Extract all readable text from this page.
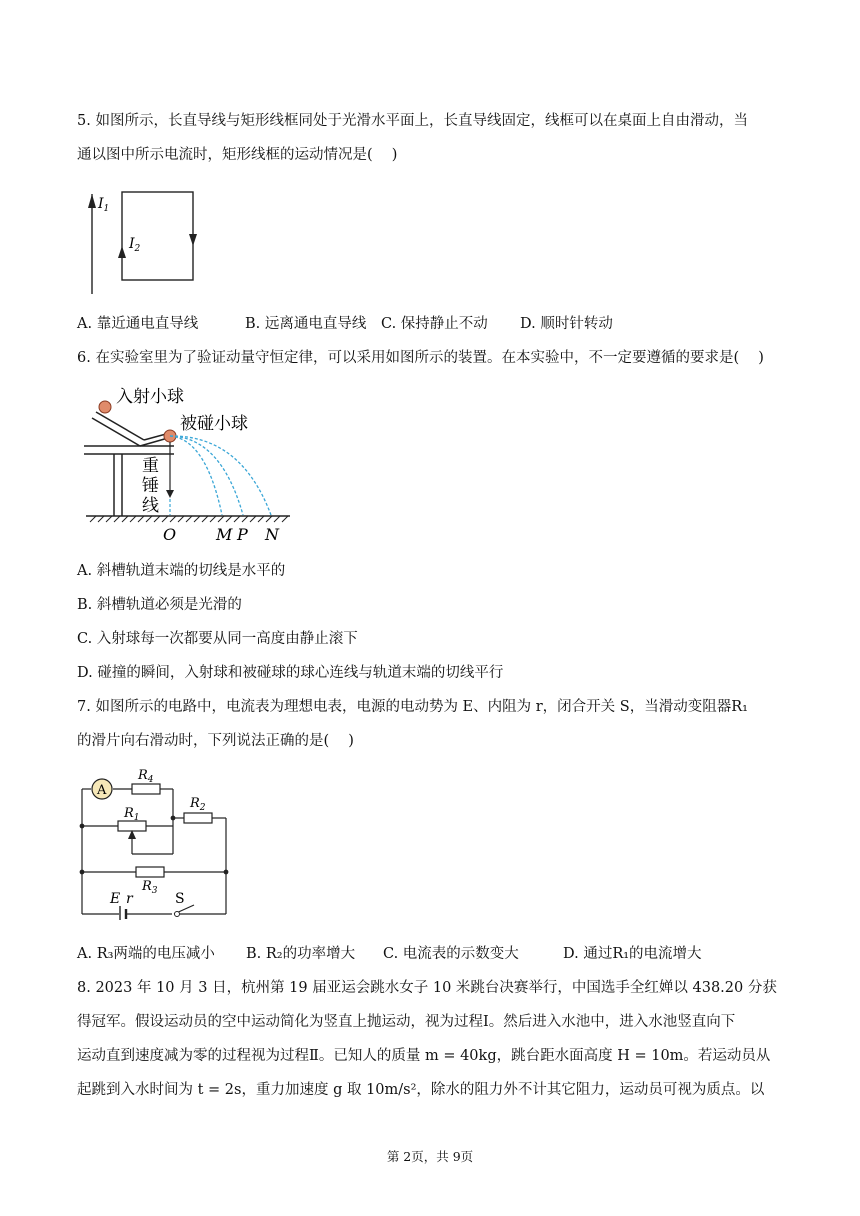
5. 如图所示，长直导线与矩形线框同处于光滑水平面上，长直导线固定，线框可以在桌面上自由滑动，当
通以图中所示电流时，矩形线框的运动情况是(　 )
$I_1$
$I_2$
A. 靠近通电直导线	B. 远离通电直导线 C. 保持静止不动 D. 顺时针转动
6. 在实验室里为了验证动量守恒定律，可以采用如图所示的装置。在本实验中，不一定要遵循的要求是(　 )
入射小球
被碰小球
重
锤
线
O M P N
A. 斜槽轨道末端的切线是水平的
B. 斜槽轨道必须是光滑的
C. 入射球每一次都要从同一高度由静止滚下
D. 碰撞的瞬间，入射球和被碰球的球心连线与轨道末端的切线平行
7. 如图所示的电路中，电流表为理想电表，电源的电动势为 E、内阻为 r，闭合开关 S，当滑动变阻器R₁
的滑片向右滑动时，下列说法正确的是(　 )
A
$R_4$
$R_1$
$R_2$
$R_3$
E r	S
A. R₃两端的电压减小 B. R₂的功率增大 C. 电流表的示数变大	D. 通过R₁的电流增大
8. 2023 年 10 月 3 日，杭州第 19 届亚运会跳水女子 10 米跳台决赛举行，中国选手全红婵以 438.20 分获
得冠军。假设运动员的空中运动简化为竖直上抛运动，视为过程Ⅰ。然后进入水池中，进入水池竖直向下
运动直到速度减为零的过程视为过程Ⅱ。已知人的质量 m = 40kg，跳台距水面高度 H = 10m。若运动员从
起跳到入水时间为 t = 2s，重力加速度 g 取 10m/s²，除水的阻力外不计其它阻力，运动员可视为质点。以
第 2页，共 9页
